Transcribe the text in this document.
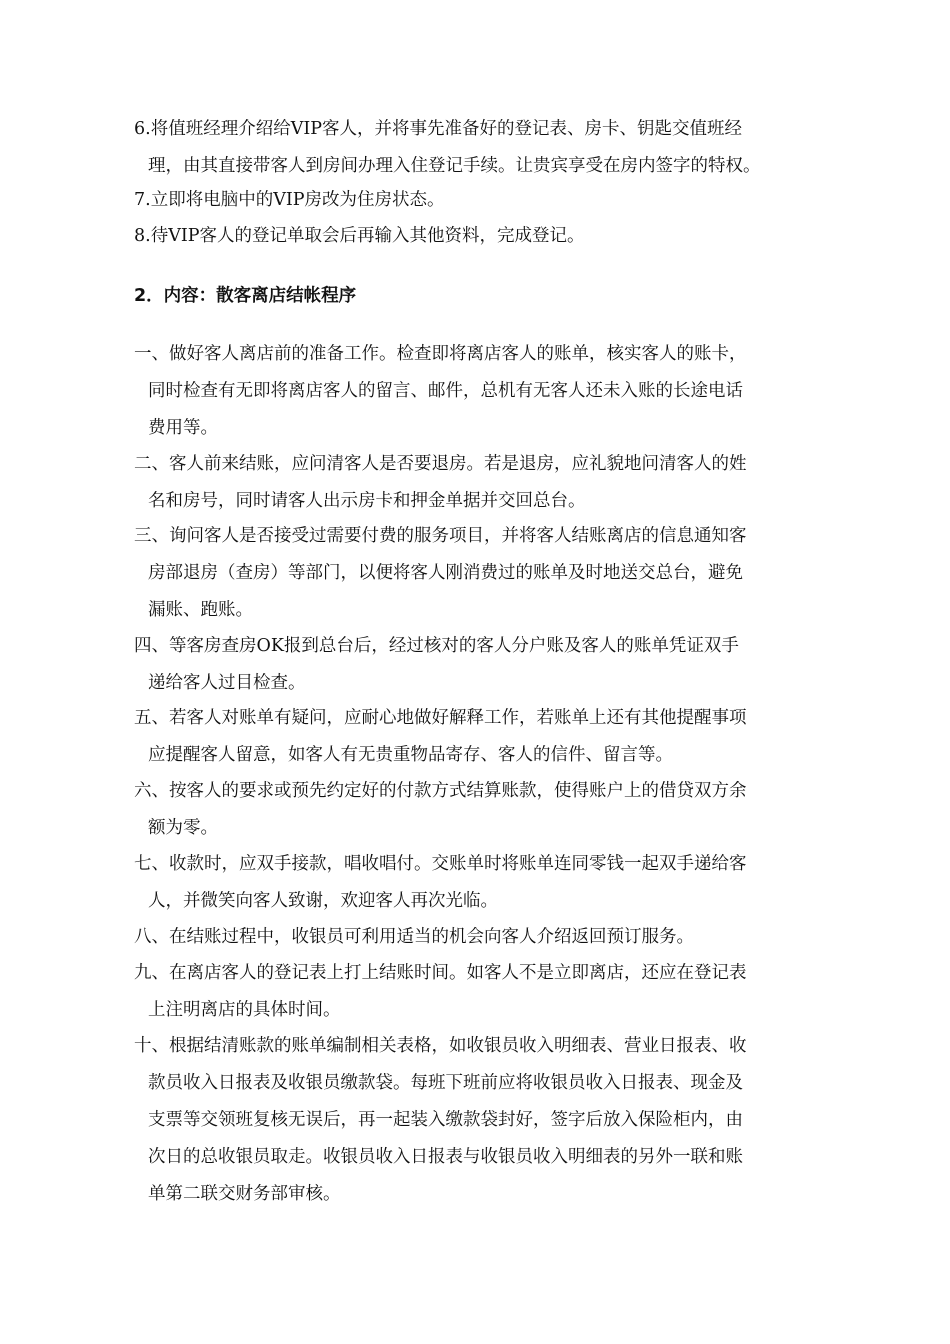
6.将值班经理介绍给VIP客人，并将事先准备好的登记表、房卡、钥匙交值班经
理，由其直接带客人到房间办理入住登记手续。让贵宾享受在房内签字的特权。
7.立即将电脑中的VIP房改为住房状态。
8.待VIP客人的登记单取会后再输入其他资料，完成登记。
2．内容：散客离店结帐程序
一、做好客人离店前的准备工作。检查即将离店客人的账单，核实客人的账卡，
同时检查有无即将离店客人的留言、邮件，总机有无客人还未入账的长途电话
费用等。
二、客人前来结账，应问清客人是否要退房。若是退房，应礼貌地问清客人的姓
名和房号，同时请客人出示房卡和押金单据并交回总台。
三、询问客人是否接受过需要付费的服务项目，并将客人结账离店的信息通知客
房部退房（查房）等部门，以便将客人刚消费过的账单及时地送交总台，避免
漏账、跑账。
四、等客房查房OK报到总台后，经过核对的客人分户账及客人的账单凭证双手
递给客人过目检查。
五、若客人对账单有疑问，应耐心地做好解释工作，若账单上还有其他提醒事项
应提醒客人留意，如客人有无贵重物品寄存、客人的信件、留言等。
六、按客人的要求或预先约定好的付款方式结算账款，使得账户上的借贷双方余
额为零。
七、收款时，应双手接款，唱收唱付。交账单时将账单连同零钱一起双手递给客
人，并微笑向客人致谢，欢迎客人再次光临。
八、在结账过程中，收银员可利用适当的机会向客人介绍返回预订服务。
九、在离店客人的登记表上打上结账时间。如客人不是立即离店，还应在登记表
上注明离店的具体时间。
十、根据结清账款的账单编制相关表格，如收银员收入明细表、营业日报表、收
款员收入日报表及收银员缴款袋。每班下班前应将收银员收入日报表、现金及
支票等交领班复核无误后，再一起装入缴款袋封好，签字后放入保险柜内，由
次日的总收银员取走。收银员收入日报表与收银员收入明细表的另外一联和账
单第二联交财务部审核。
